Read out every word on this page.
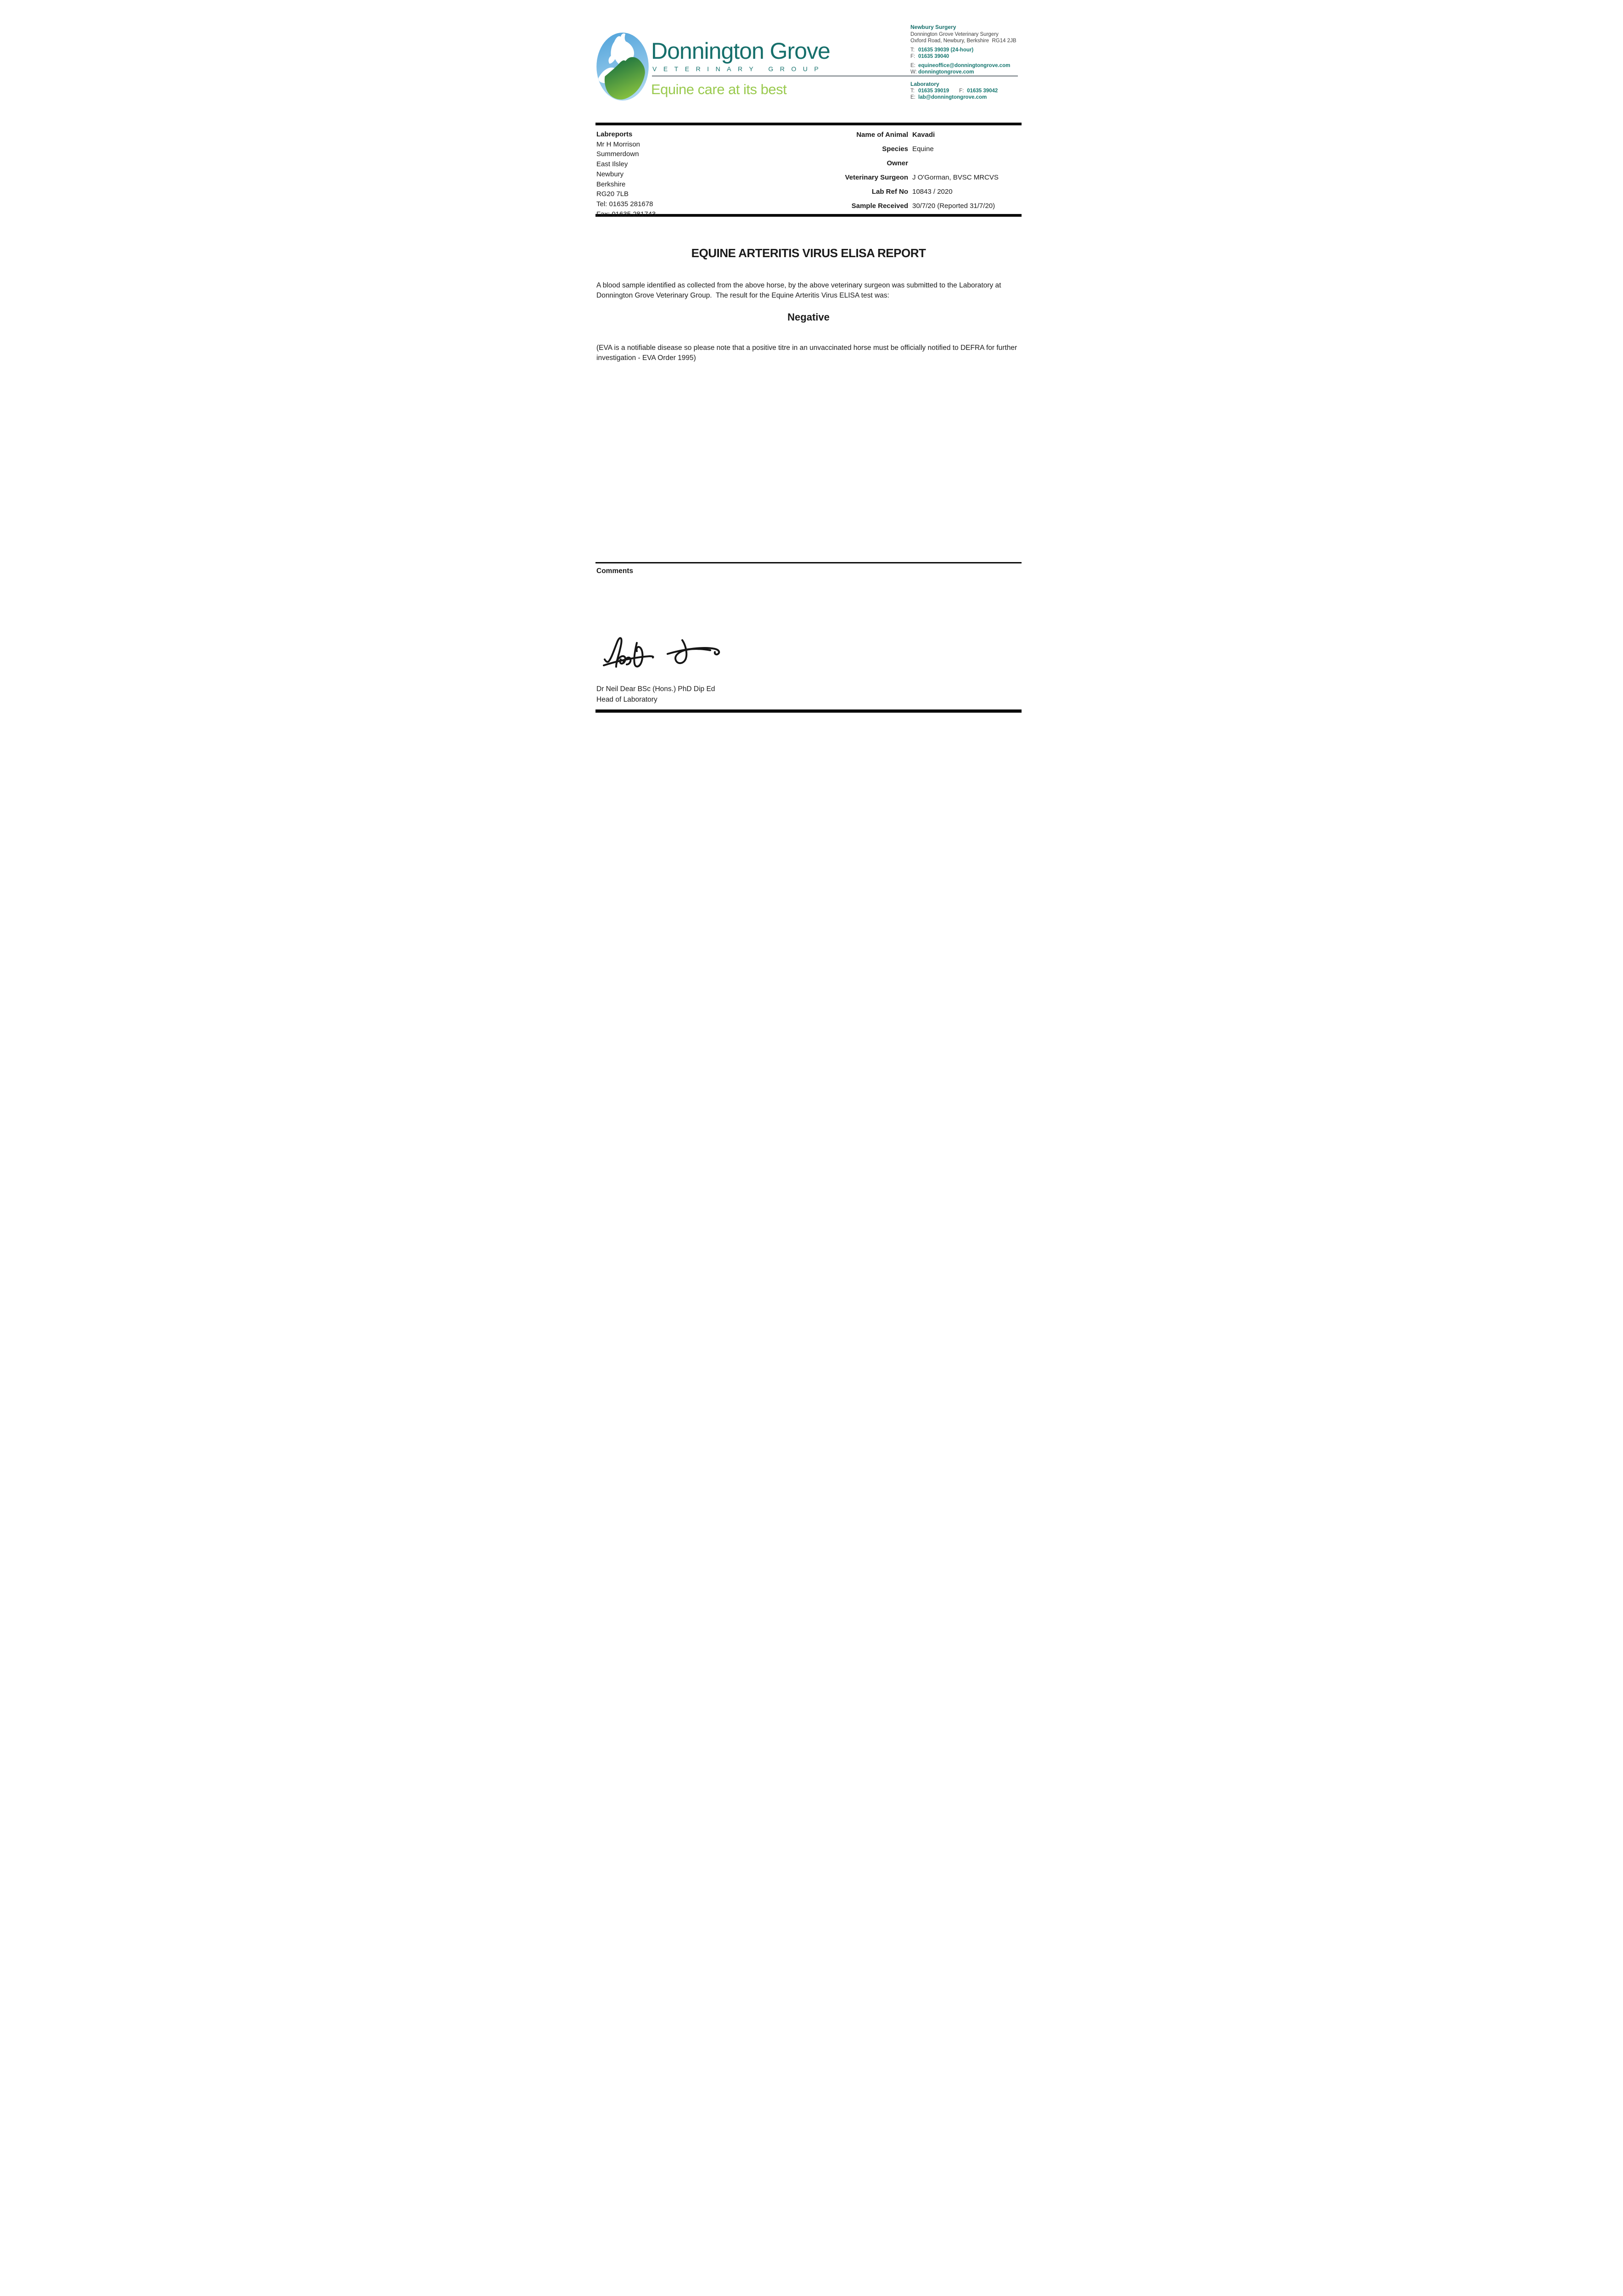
Donnington Grove
VETERINARY GROUP
Equine care at its best
Newbury Surgery
Donnington Grove Veterinary Surgery
Oxford Road, Newbury, Berkshire  RG14 2JB
T: 01635 39039 (24-hour)
F: 01635 39040
E: equineoffice@donningtongrove.com
W: donningtongrove.com
Laboratory
T: 01635 39019 F: 01635 39042
E: lab@donningtongrove.com
Labreports
Mr H Morrison
Summerdown
East Ilsley
Newbury
Berkshire
RG20 7LB
Tel: 01635 281678
Fax: 01635 281743
Name of Animal Kavadi
Species Equine
Owner
Veterinary Surgeon J O'Gorman, BVSC MRCVS
Lab Ref No 10843 / 2020
Sample Received 30/7/20 (Reported 31/7/20)
EQUINE ARTERITIS VIRUS ELISA REPORT
A blood sample identified as collected from the above horse, by the above veterinary surgeon was submitted to the Laboratory at Donnington Grove Veterinary Group.  The result for the Equine Arteritis Virus ELISA test was:
Negative
(EVA is a notifiable disease so please note that a positive titre in an unvaccinated horse must be officially notified to DEFRA for further investigation - EVA Order 1995)
Comments
Dr Neil Dear BSc (Hons.) PhD Dip Ed
Head of Laboratory
